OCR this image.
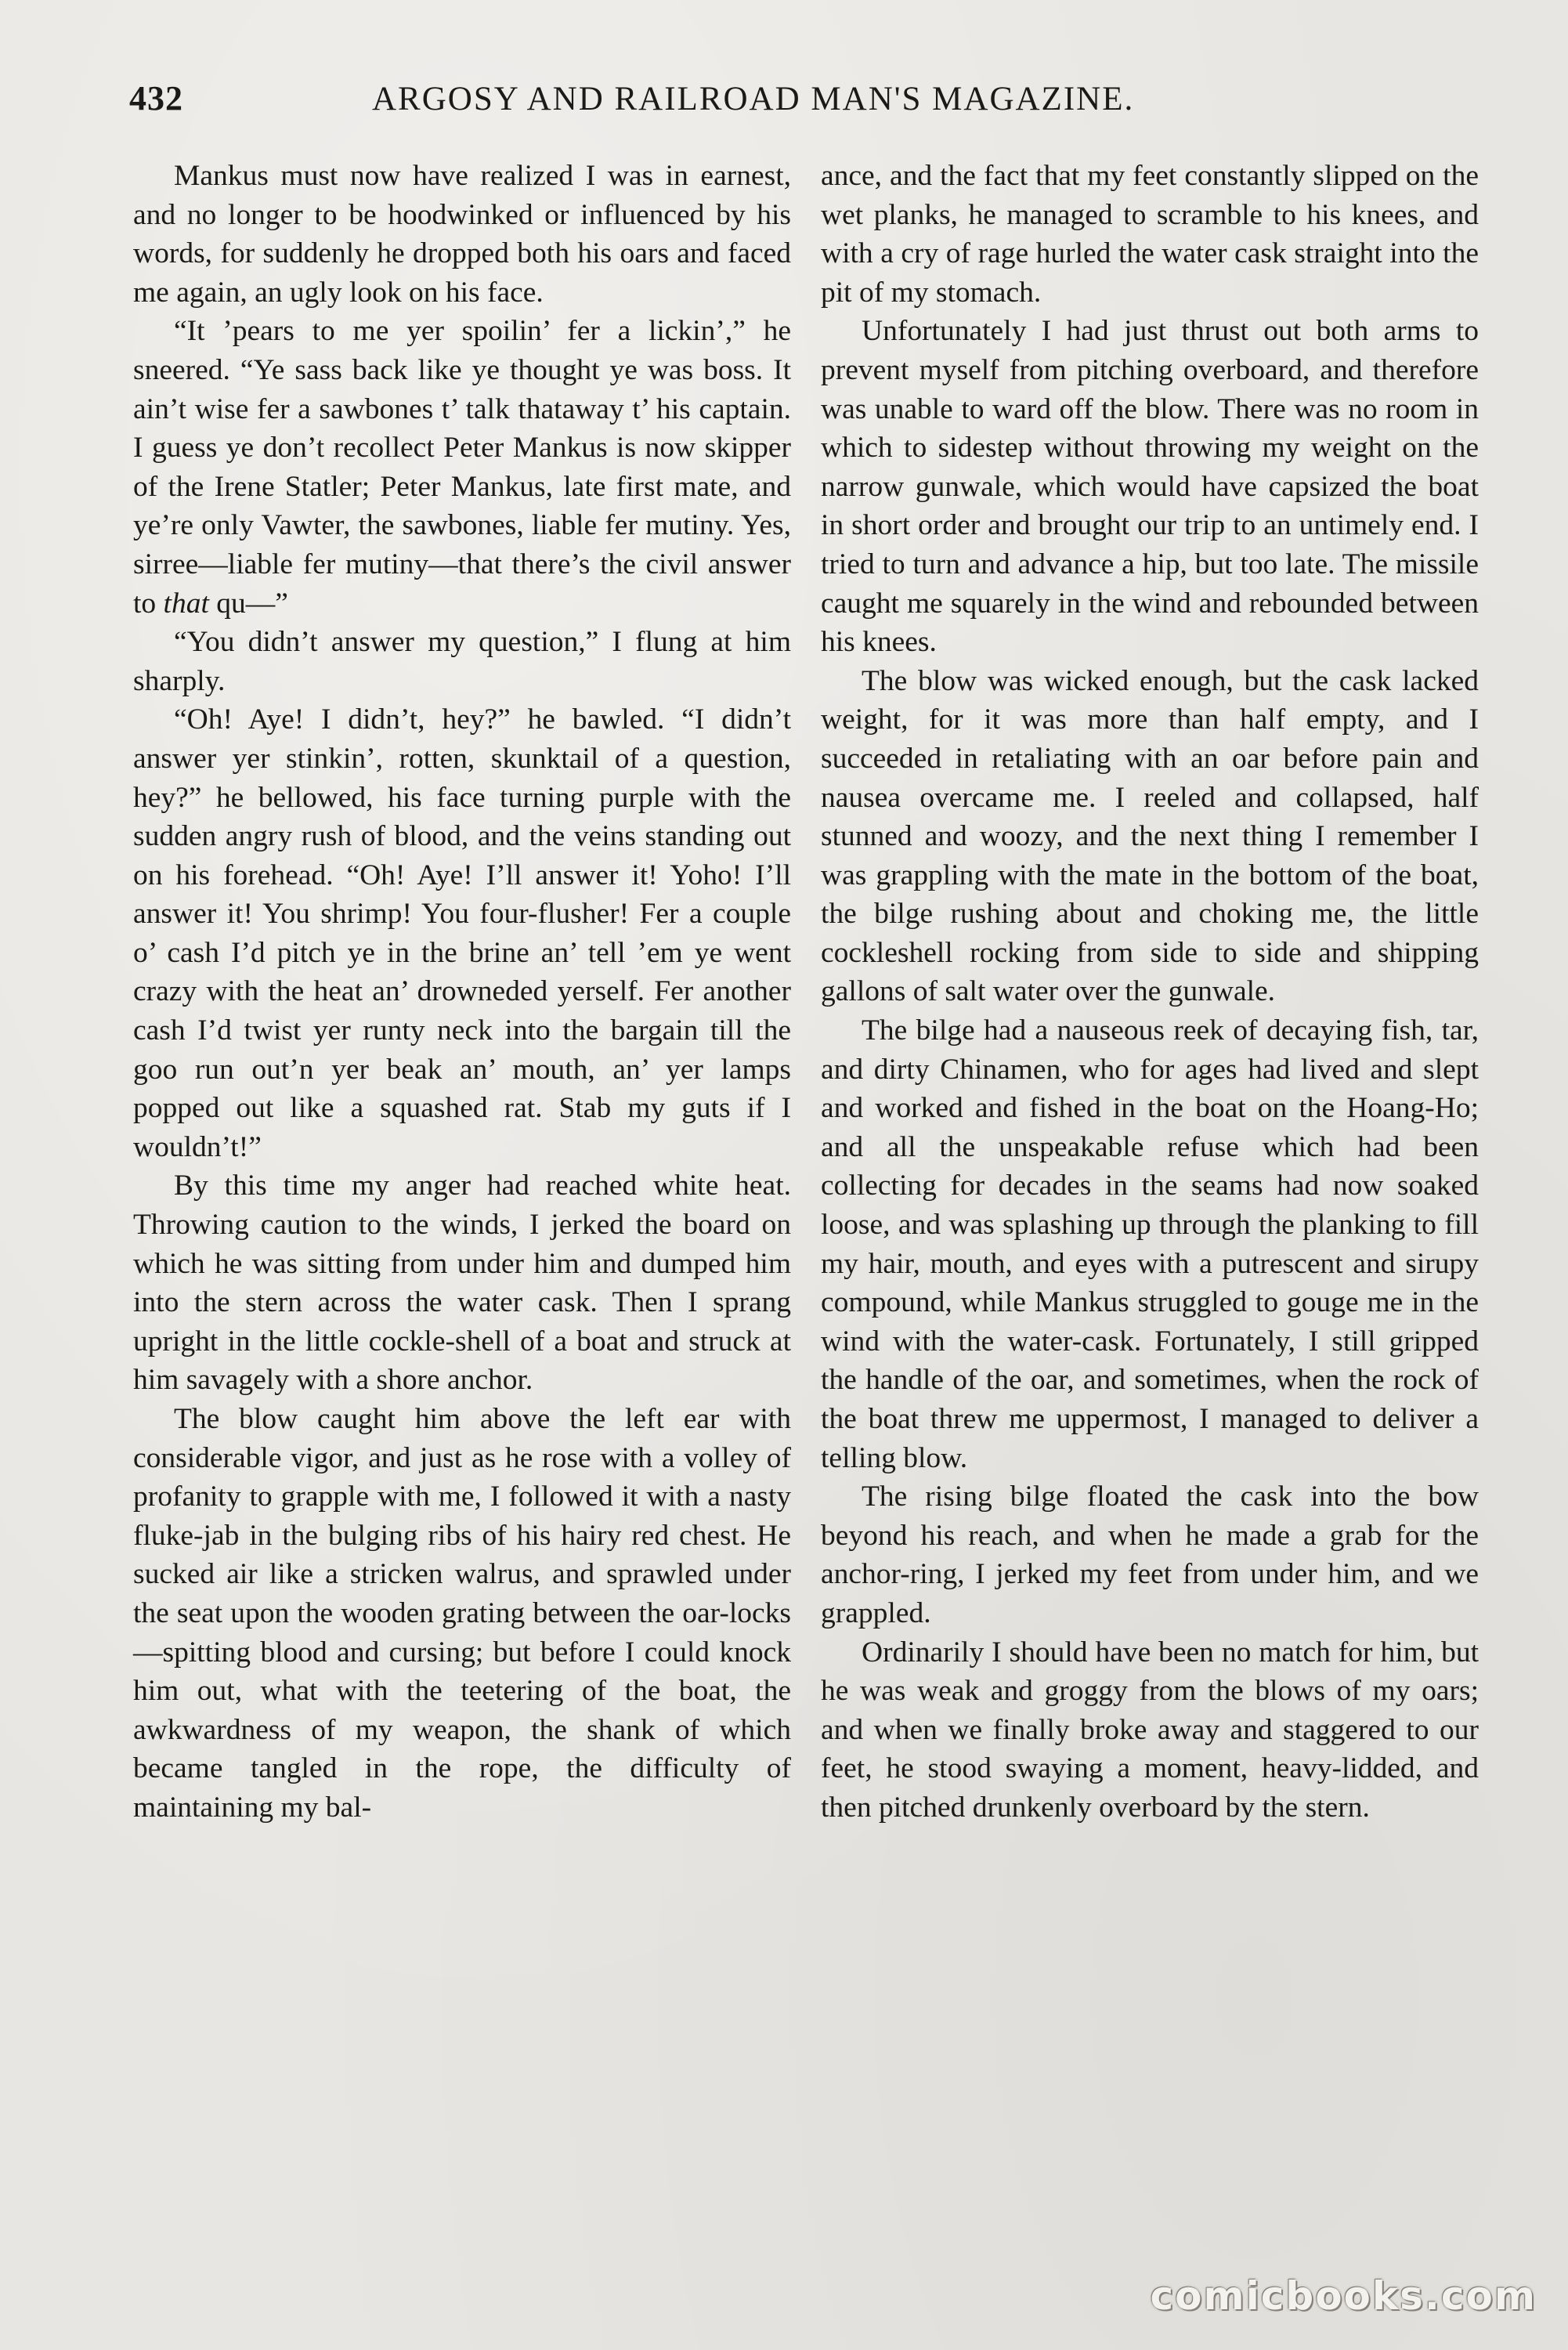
432	ARGOSY AND RAILROAD MAN'S MAGAZINE.

Mankus must now have realized I was in earnest, and no longer to be hoodwinked or influenced by his words, for suddenly he dropped both his oars and faced me again, an ugly look on his face.

“It ’pears to me yer spoilin’ fer a lickin’,” he sneered. “Ye sass back like ye thought ye was boss. It ain’t wise fer a sawbones t’ talk thataway t’ his captain. I guess ye don’t recollect Peter Mankus is now skipper of the Irene Statler; Peter Mankus, late first mate, and ye’re only Vawter, the sawbones, liable fer mutiny. Yes, sirree—liable fer mutiny—that there’s the civil answer to that qu—”

“You didn’t answer my question,” I flung at him sharply.

“Oh! Aye! I didn’t, hey?” he bawled. “I didn’t answer yer stinkin’, rotten, skunktail of a question, hey?” he bellowed, his face turning purple with the sudden angry rush of blood, and the veins standing out on his forehead. “Oh! Aye! I’ll answer it! Yoho! I’ll answer it! You shrimp! You four-flusher! Fer a couple o’ cash I’d pitch ye in the brine an’ tell ’em ye went crazy with the heat an’ drowneded yerself. Fer another cash I’d twist yer runty neck into the bargain till the goo run out’n yer beak an’ mouth, an’ yer lamps popped out like a squashed rat. Stab my guts if I wouldn’t!”

By this time my anger had reached white heat. Throwing caution to the winds, I jerked the board on which he was sitting from under him and dumped him into the stern across the water cask. Then I sprang upright in the little cockle-shell of a boat and struck at him savagely with a shore anchor.

The blow caught him above the left ear with considerable vigor, and just as he rose with a volley of profanity to grapple with me, I followed it with a nasty fluke-jab in the bulging ribs of his hairy red chest. He sucked air like a stricken walrus, and sprawled under the seat upon the wooden grating between the oar-locks—spitting blood and cursing; but before I could knock him out, what with the teetering of the boat, the awkwardness of my weapon, the shank of which became tangled in the rope, the difficulty of maintaining my bal-

ance, and the fact that my feet constantly slipped on the wet planks, he managed to scramble to his knees, and with a cry of rage hurled the water cask straight into the pit of my stomach.

Unfortunately I had just thrust out both arms to prevent myself from pitching overboard, and therefore was unable to ward off the blow. There was no room in which to sidestep without throwing my weight on the narrow gunwale, which would have capsized the boat in short order and brought our trip to an untimely end. I tried to turn and advance a hip, but too late. The missile caught me squarely in the wind and rebounded between his knees.

The blow was wicked enough, but the cask lacked weight, for it was more than half empty, and I succeeded in retaliating with an oar before pain and nausea overcame me. I reeled and collapsed, half stunned and woozy, and the next thing I remember I was grappling with the mate in the bottom of the boat, the bilge rushing about and choking me, the little cockleshell rocking from side to side and shipping gallons of salt water over the gunwale.

The bilge had a nauseous reek of decaying fish, tar, and dirty Chinamen, who for ages had lived and slept and worked and fished in the boat on the Hoang-Ho; and all the unspeakable refuse which had been collecting for decades in the seams had now soaked loose, and was splashing up through the planking to fill my hair, mouth, and eyes with a putrescent and sirupy compound, while Mankus struggled to gouge me in the wind with the water-cask. Fortunately, I still gripped the handle of the oar, and sometimes, when the rock of the boat threw me uppermost, I managed to deliver a telling blow.

The rising bilge floated the cask into the bow beyond his reach, and when he made a grab for the anchor-ring, I jerked my feet from under him, and we grappled.

Ordinarily I should have been no match for him, but he was weak and groggy from the blows of my oars; and when we finally broke away and staggered to our feet, he stood swaying a moment, heavy-lidded, and then pitched drunkenly overboard by the stern.

comicbooks.com
